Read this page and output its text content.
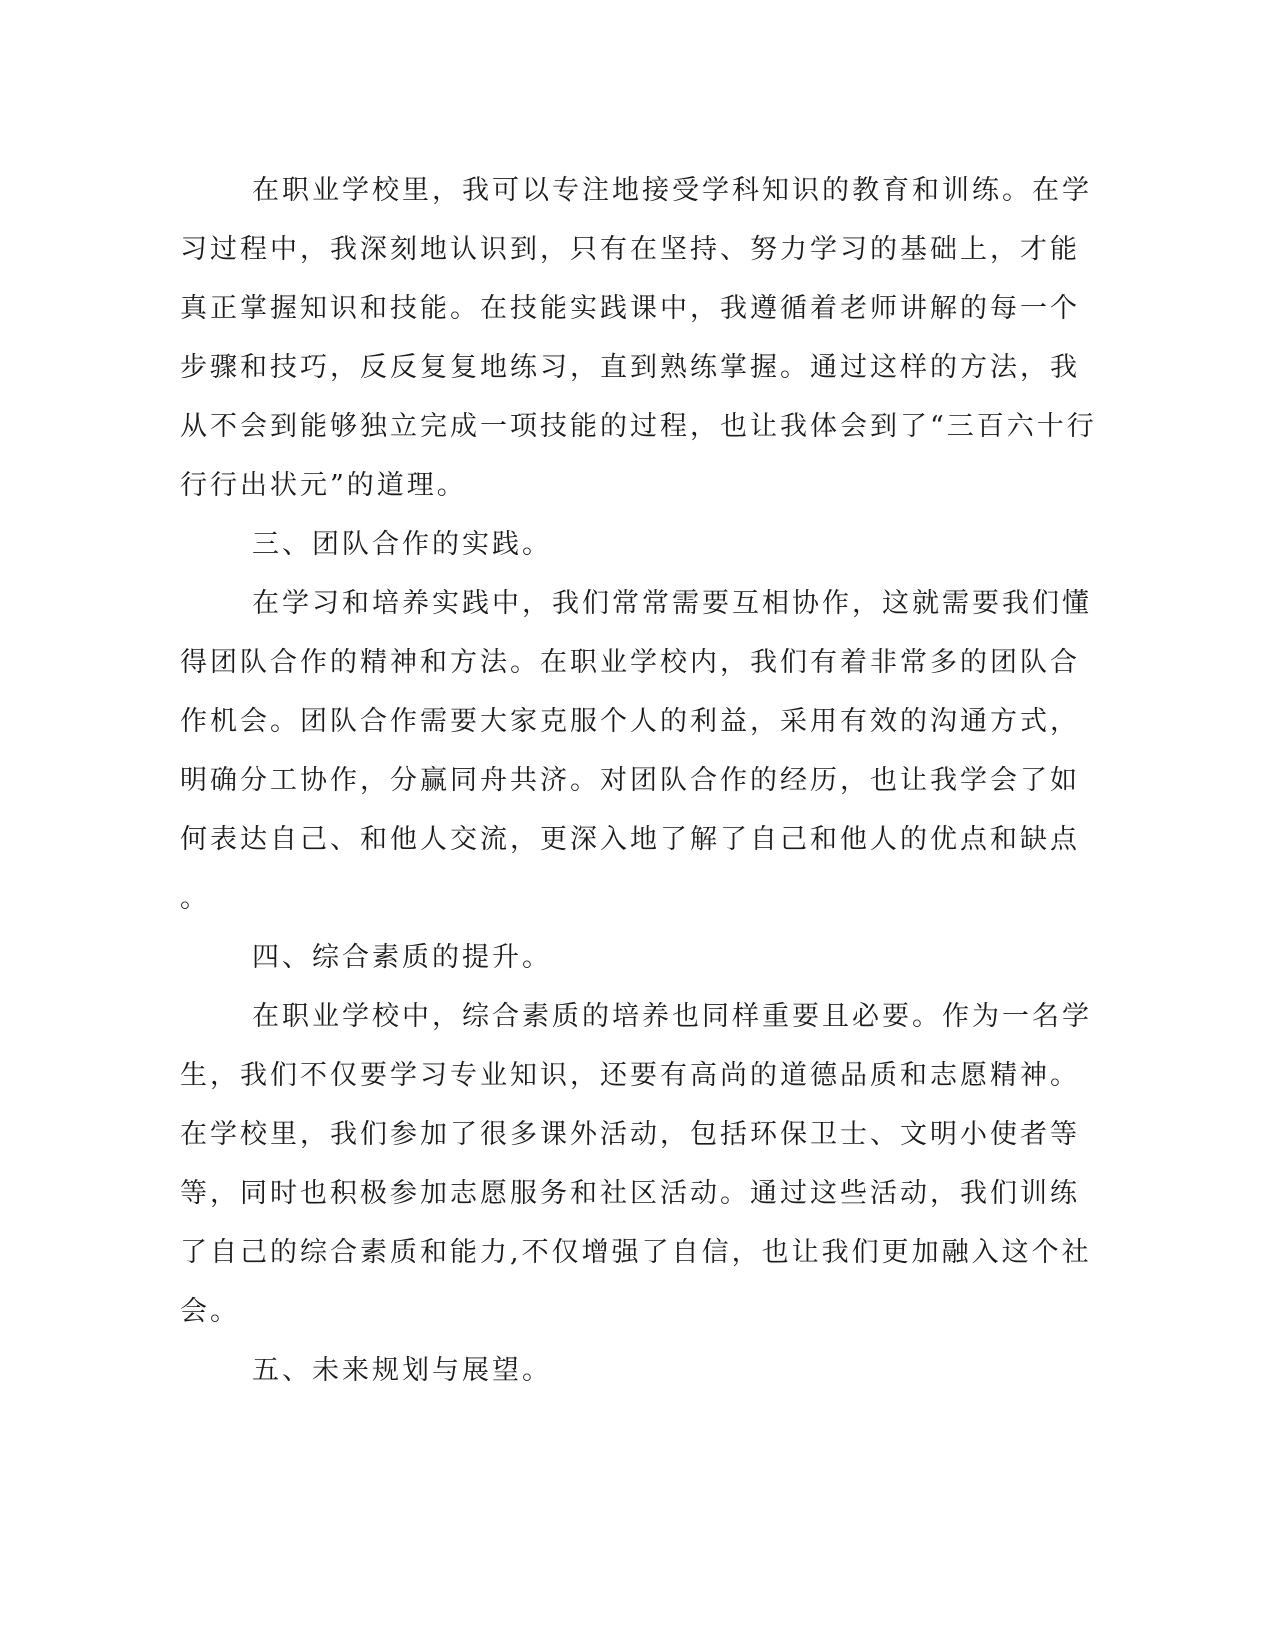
在职业学校里，我可以专注地接受学科知识的教育和训练。在学
习过程中，我深刻地认识到，只有在坚持、努力学习的基础上，才能
真正掌握知识和技能。在技能实践课中，我遵循着老师讲解的每一个
步骤和技巧，反反复复地练习，直到熟练掌握。通过这样的方法，我
从不会到能够独立完成一项技能的过程，也让我体会到了“三百六十行
行行出状元”的道理。
三、团队合作的实践。
在学习和培养实践中，我们常常需要互相协作，这就需要我们懂
得团队合作的精神和方法。在职业学校内，我们有着非常多的团队合
作机会。团队合作需要大家克服个人的利益，采用有效的沟通方式，
明确分工协作，分赢同舟共济。对团队合作的经历，也让我学会了如
何表达自己、和他人交流，更深入地了解了自己和他人的优点和缺点
。
四、综合素质的提升。
在职业学校中，综合素质的培养也同样重要且必要。作为一名学
生，我们不仅要学习专业知识，还要有高尚的道德品质和志愿精神。
在学校里，我们参加了很多课外活动，包括环保卫士、文明小使者等
等，同时也积极参加志愿服务和社区活动。通过这些活动，我们训练
了自己的综合素质和能力,不仅增强了自信，也让我们更加融入这个社
会。
五、未来规划与展望。
